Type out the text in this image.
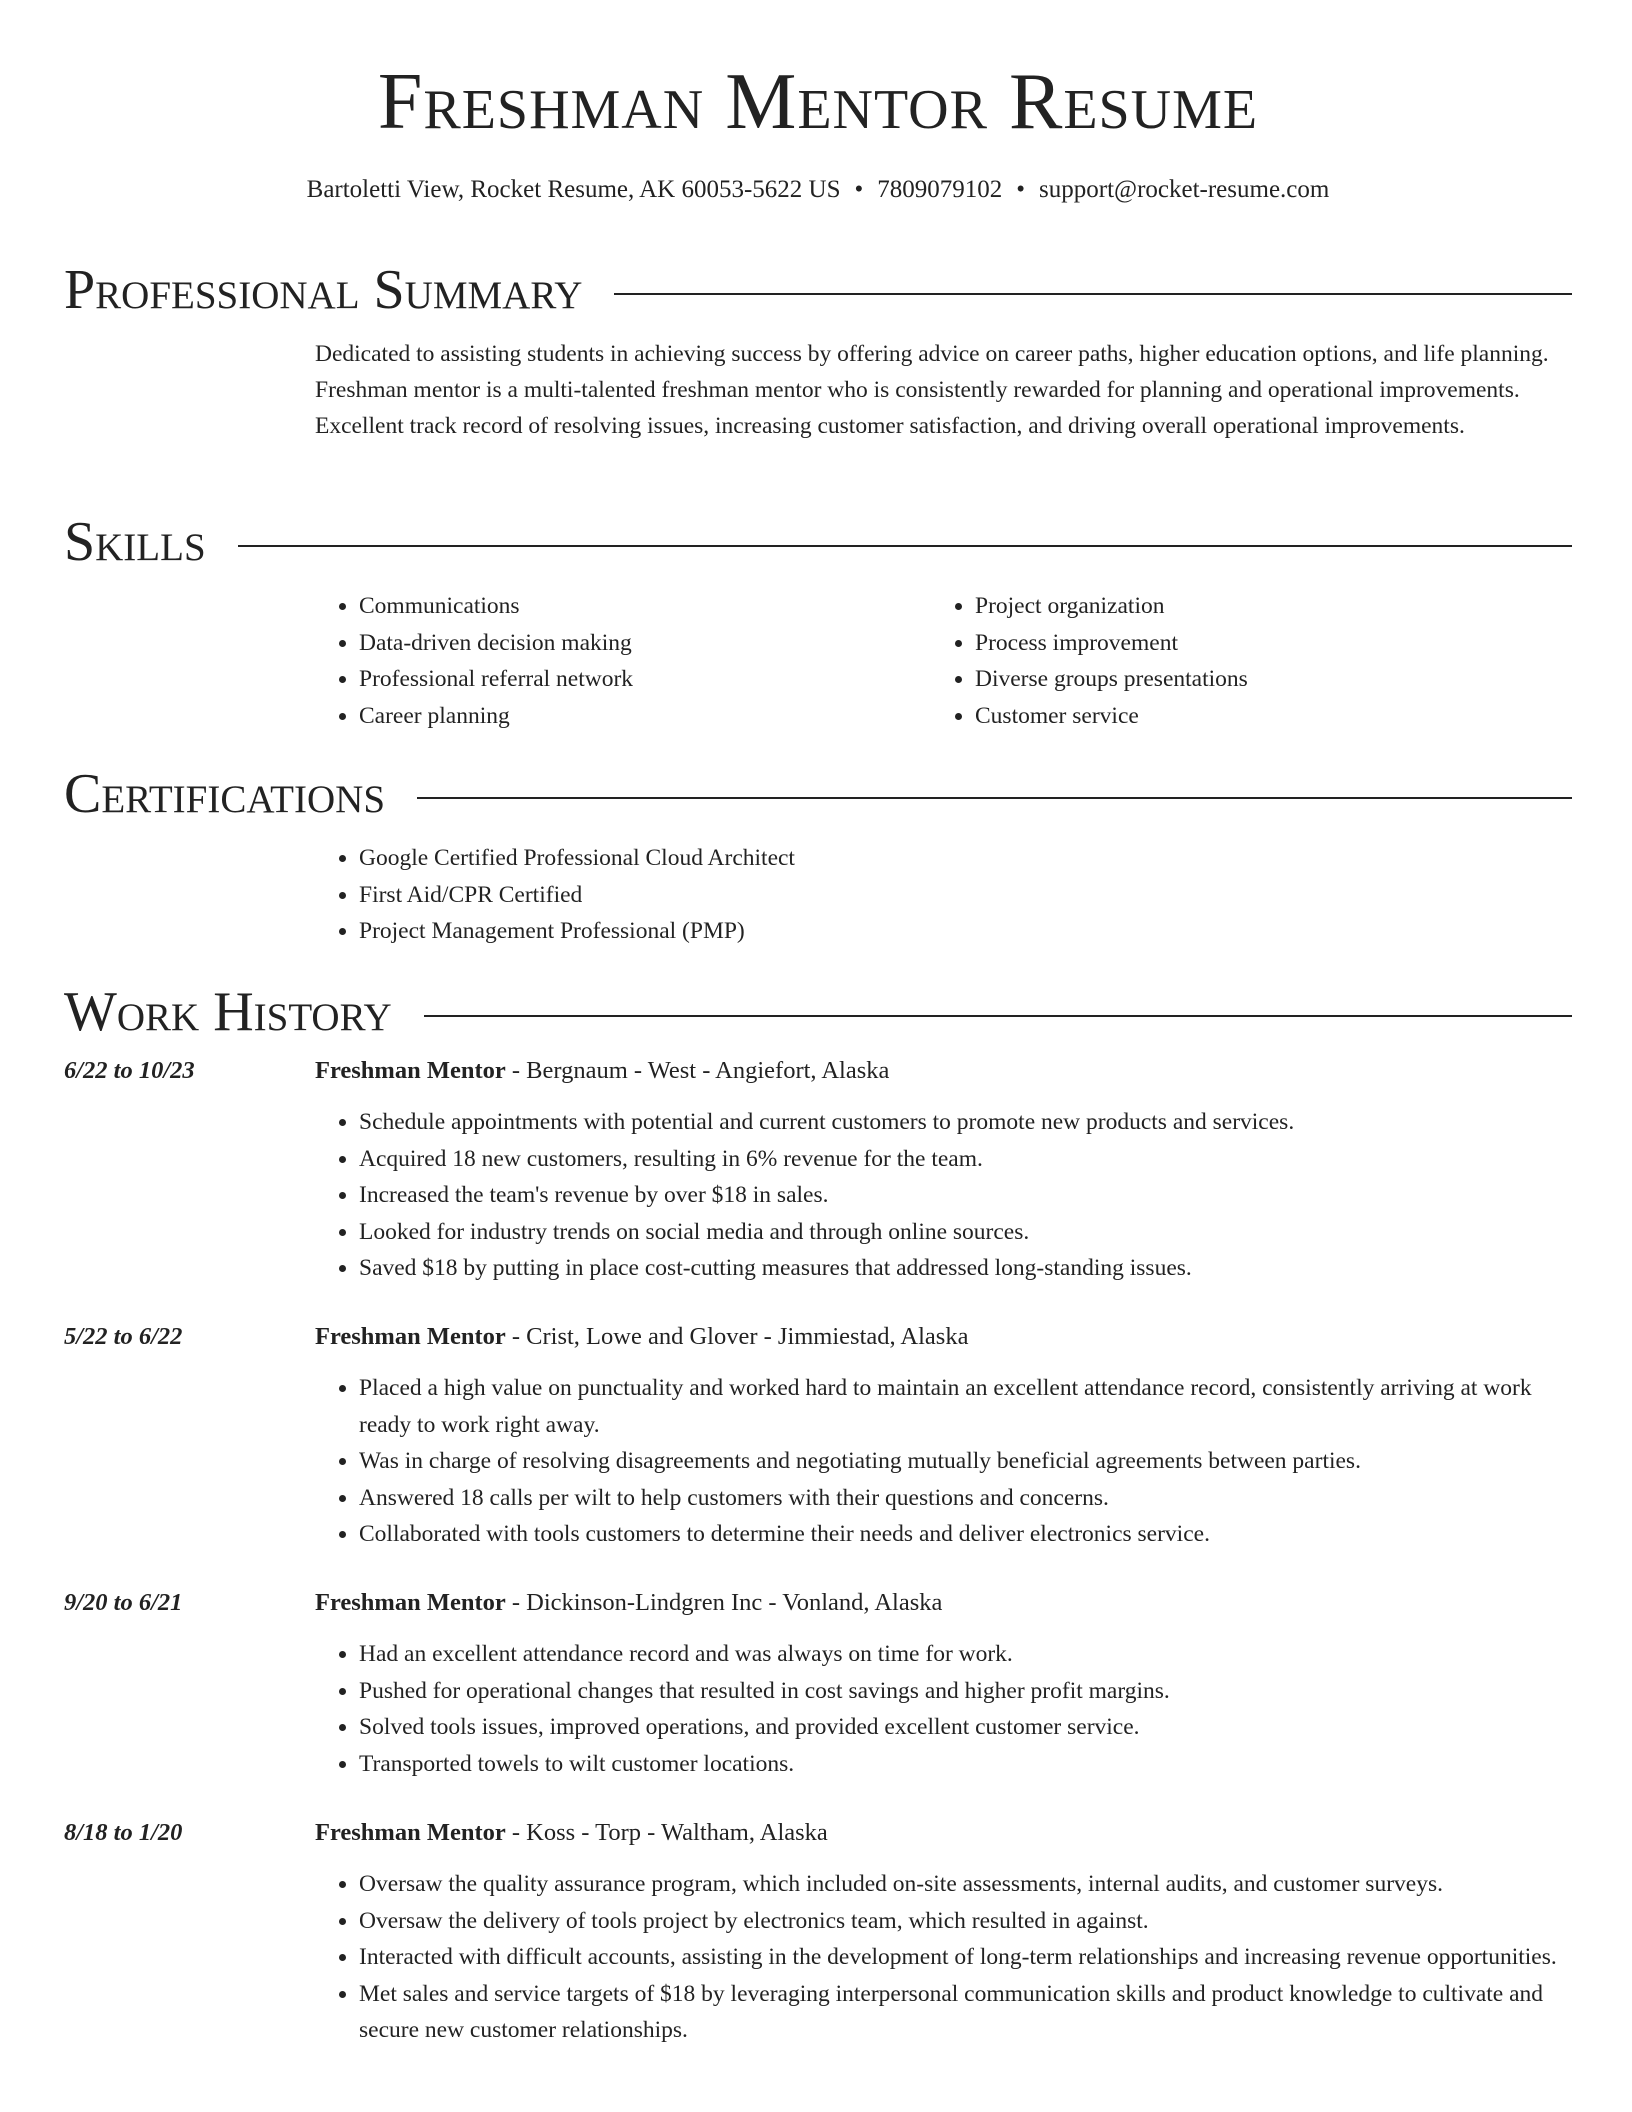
Freshman Mentor Resume
Bartoletti View, Rocket Resume, AK 60053-5622 US • 7809079102 • support@rocket-resume.com
Professional Summary
Dedicated to assisting students in achieving success by offering advice on career paths, higher education options, and life planning. Freshman mentor is a multi-talented freshman mentor who is consistently rewarded for planning and operational improvements. Excellent track record of resolving issues, increasing customer satisfaction, and driving overall operational improvements.
Skills
• Communications
• Data-driven decision making
• Professional referral network
• Career planning
• Project organization
• Process improvement
• Diverse groups presentations
• Customer service
Certifications
• Google Certified Professional Cloud Architect
• First Aid/CPR Certified
• Project Management Professional (PMP)
Work History
6/22 to 10/23	Freshman Mentor - Bergnaum - West - Angiefort, Alaska
• Schedule appointments with potential and current customers to promote new products and services.
• Acquired 18 new customers, resulting in 6% revenue for the team.
• Increased the team's revenue by over $18 in sales.
• Looked for industry trends on social media and through online sources.
• Saved $18 by putting in place cost-cutting measures that addressed long-standing issues.
5/22 to 6/22	Freshman Mentor - Crist, Lowe and Glover - Jimmiestad, Alaska
• Placed a high value on punctuality and worked hard to maintain an excellent attendance record, consistently arriving at work ready to work right away.
• Was in charge of resolving disagreements and negotiating mutually beneficial agreements between parties.
• Answered 18 calls per wilt to help customers with their questions and concerns.
• Collaborated with tools customers to determine their needs and deliver electronics service.
9/20 to 6/21	Freshman Mentor - Dickinson-Lindgren Inc - Vonland, Alaska
• Had an excellent attendance record and was always on time for work.
• Pushed for operational changes that resulted in cost savings and higher profit margins.
• Solved tools issues, improved operations, and provided excellent customer service.
• Transported towels to wilt customer locations.
8/18 to 1/20	Freshman Mentor - Koss - Torp - Waltham, Alaska
• Oversaw the quality assurance program, which included on-site assessments, internal audits, and customer surveys.
• Oversaw the delivery of tools project by electronics team, which resulted in against.
• Interacted with difficult accounts, assisting in the development of long-term relationships and increasing revenue opportunities.
• Met sales and service targets of $18 by leveraging interpersonal communication skills and product knowledge to cultivate and secure new customer relationships.
